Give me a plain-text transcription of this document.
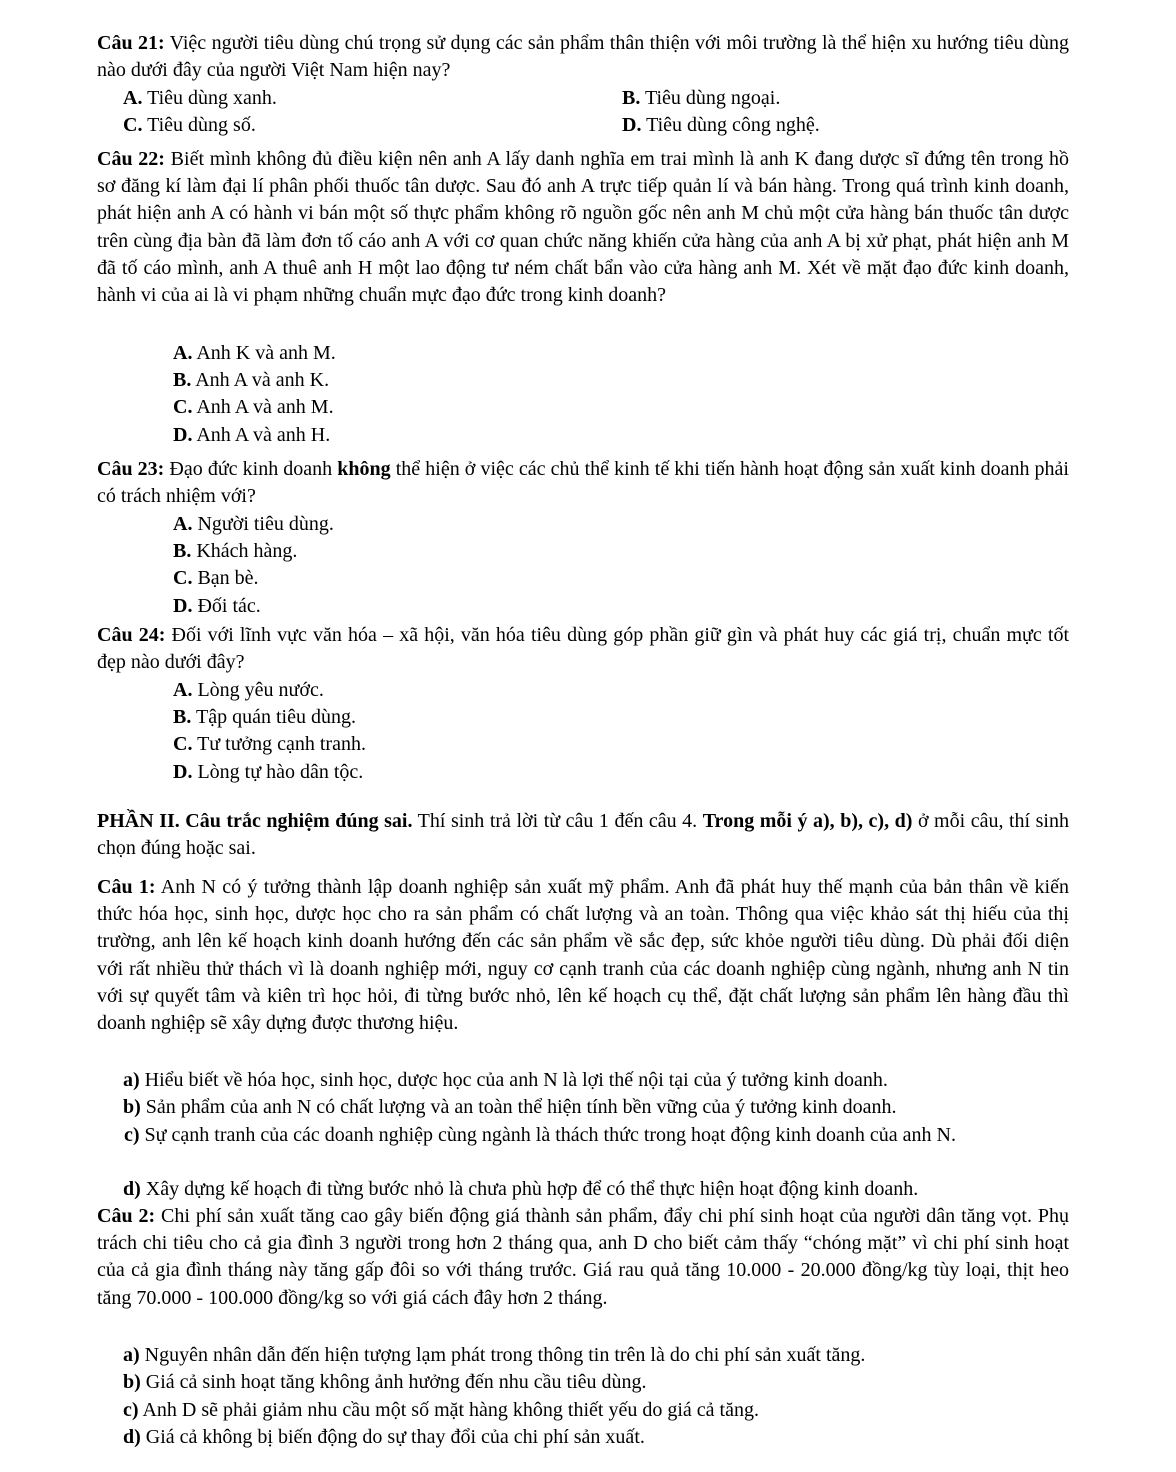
Câu 21: Việc người tiêu dùng chú trọng sử dụng các sản phẩm thân thiện với môi trường là thể hiện xu hướng tiêu dùng nào dưới đây của người Việt Nam hiện nay?

A. Tiêu dùng xanh.	B. Tiêu dùng ngoại.
C. Tiêu dùng số.	D. Tiêu dùng công nghệ.

Câu 22: Biết mình không đủ điều kiện nên anh A lấy danh nghĩa em trai mình là anh K đang dược sĩ đứng tên trong hồ sơ đăng kí làm đại lí phân phối thuốc tân dược. Sau đó anh A trực tiếp quản lí và bán hàng. Trong quá trình kinh doanh, phát hiện anh A có hành vi bán một số thực phẩm không rõ nguồn gốc nên anh M chủ một cửa hàng bán thuốc tân dược trên cùng địa bàn đã làm đơn tố cáo anh A với cơ quan chức năng khiến cửa hàng của anh A bị xử phạt, phát hiện anh M đã tố cáo mình, anh A thuê anh H một lao động tư ném chất bẩn vào cửa hàng anh M. Xét về mặt đạo đức kinh doanh, hành vi của ai là vi phạm những chuẩn mực đạo đức trong kinh doanh?

A. Anh K và anh M.
B. Anh A và anh K.
C. Anh A và anh M.
D. Anh A và anh H.

Câu 23: Đạo đức kinh doanh không thể hiện ở việc các chủ thể kinh tế khi tiến hành hoạt động sản xuất kinh doanh phải có trách nhiệm với?

A. Người tiêu dùng.
B. Khách hàng.
C. Bạn bè.
D. Đối tác.

Câu 24: Đối với lĩnh vực văn hóa – xã hội, văn hóa tiêu dùng góp phần giữ gìn và phát huy các giá trị, chuẩn mực tốt đẹp nào dưới đây?

A. Lòng yêu nước.
B. Tập quán tiêu dùng.
C. Tư tưởng cạnh tranh.
D. Lòng tự hào dân tộc.

PHẦN II. Câu trắc nghiệm đúng sai. Thí sinh trả lời từ câu 1 đến câu 4. Trong mỗi ý a), b), c), d) ở mỗi câu, thí sinh chọn đúng hoặc sai.

Câu 1: Anh N có ý tưởng thành lập doanh nghiệp sản xuất mỹ phẩm. Anh đã phát huy thế mạnh của bản thân về kiến thức hóa học, sinh học, dược học cho ra sản phẩm có chất lượng và an toàn. Thông qua việc khảo sát thị hiếu của thị trường, anh lên kế hoạch kinh doanh hướng đến các sản phẩm về sắc đẹp, sức khỏe người tiêu dùng. Dù phải đối diện với rất nhiều thử thách vì là doanh nghiệp mới, nguy cơ cạnh tranh của các doanh nghiệp cùng ngành, nhưng anh N tin với sự quyết tâm và kiên trì học hỏi, đi từng bước nhỏ, lên kế hoạch cụ thể, đặt chất lượng sản phẩm lên hàng đầu thì doanh nghiệp sẽ xây dựng được thương hiệu.

a) Hiểu biết về hóa học, sinh học, dược học của anh N là lợi thế nội tại của ý tưởng kinh doanh.

b) Sản phẩm của anh N có chất lượng và an toàn thể hiện tính bền vững của ý tưởng kinh doanh.

c) Sự cạnh tranh của các doanh nghiệp cùng ngành là thách thức trong hoạt động kinh doanh của anh N.

d) Xây dựng kế hoạch đi từng bước nhỏ là chưa phù hợp để có thể thực hiện hoạt động kinh doanh.

Câu 2: Chi phí sản xuất tăng cao gây biến động giá thành sản phẩm, đẩy chi phí sinh hoạt của người dân tăng vọt. Phụ trách chi tiêu cho cả gia đình 3 người trong hơn 2 tháng qua, anh D cho biết cảm thấy “chóng mặt” vì chi phí sinh hoạt của cả gia đình tháng này tăng gấp đôi so với tháng trước. Giá rau quả tăng 10.000 - 20.000 đồng/kg tùy loại, thịt heo tăng 70.000 - 100.000 đồng/kg so với giá cách đây hơn 2 tháng.

a) Nguyên nhân dẫn đến hiện tượng lạm phát trong thông tin trên là do chi phí sản xuất tăng.

b) Giá cả sinh hoạt tăng không ảnh hưởng đến nhu cầu tiêu dùng.

c) Anh D sẽ phải giảm nhu cầu một số mặt hàng không thiết yếu do giá cả tăng.

d) Giá cả không bị biến động do sự thay đổi của chi phí sản xuất.
